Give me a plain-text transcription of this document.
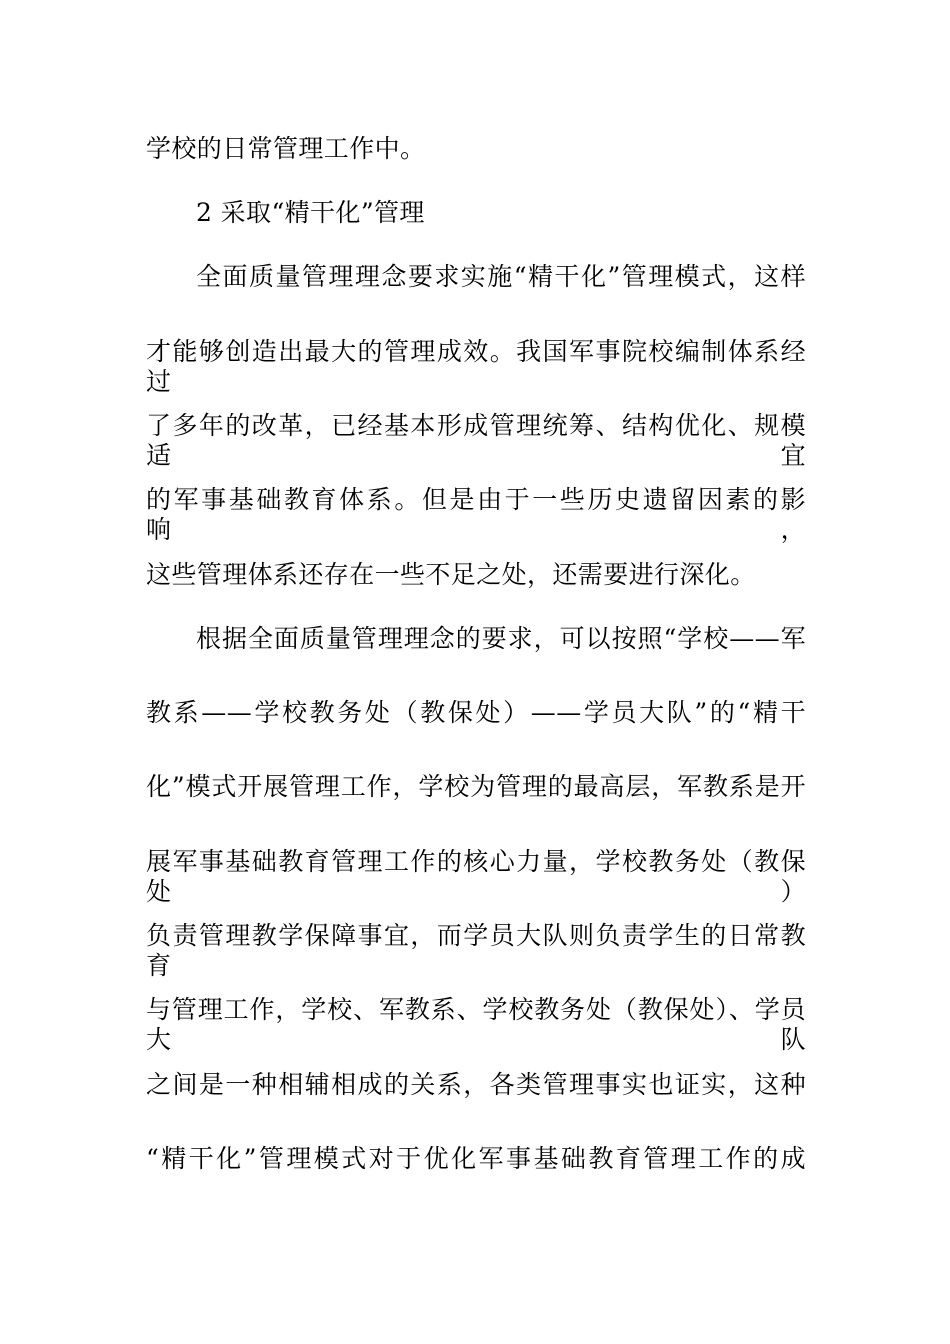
学校的日常管理工作中。
2 采取“精干化”管理
全面质量管理理念要求实施“精干化”管理模式，这样
才能够创造出最大的管理成效。我国军事院校编制体系经过
了多年的改革，已经基本形成管理统筹、结构优化、规模适宜
的军事基础教育体系。但是由于一些历史遗留因素的影响，
这些管理体系还存在一些不足之处，还需要进行深化。
根据全面质量管理理念的要求，可以按照“学校——军
教系——学校教务处（教保处）——学员大队”的“精干
化”模式开展管理工作，学校为管理的最高层，军教系是开
展军事基础教育管理工作的核心力量，学校教务处（教保处）
负责管理教学保障事宜，而学员大队则负责学生的日常教育
与管理工作，学校、军教系、学校教务处（教保处）、学员大队
之间是一种相辅相成的关系，各类管理事实也证实，这种
“精干化”管理模式对于优化军事基础教育管理工作的成
